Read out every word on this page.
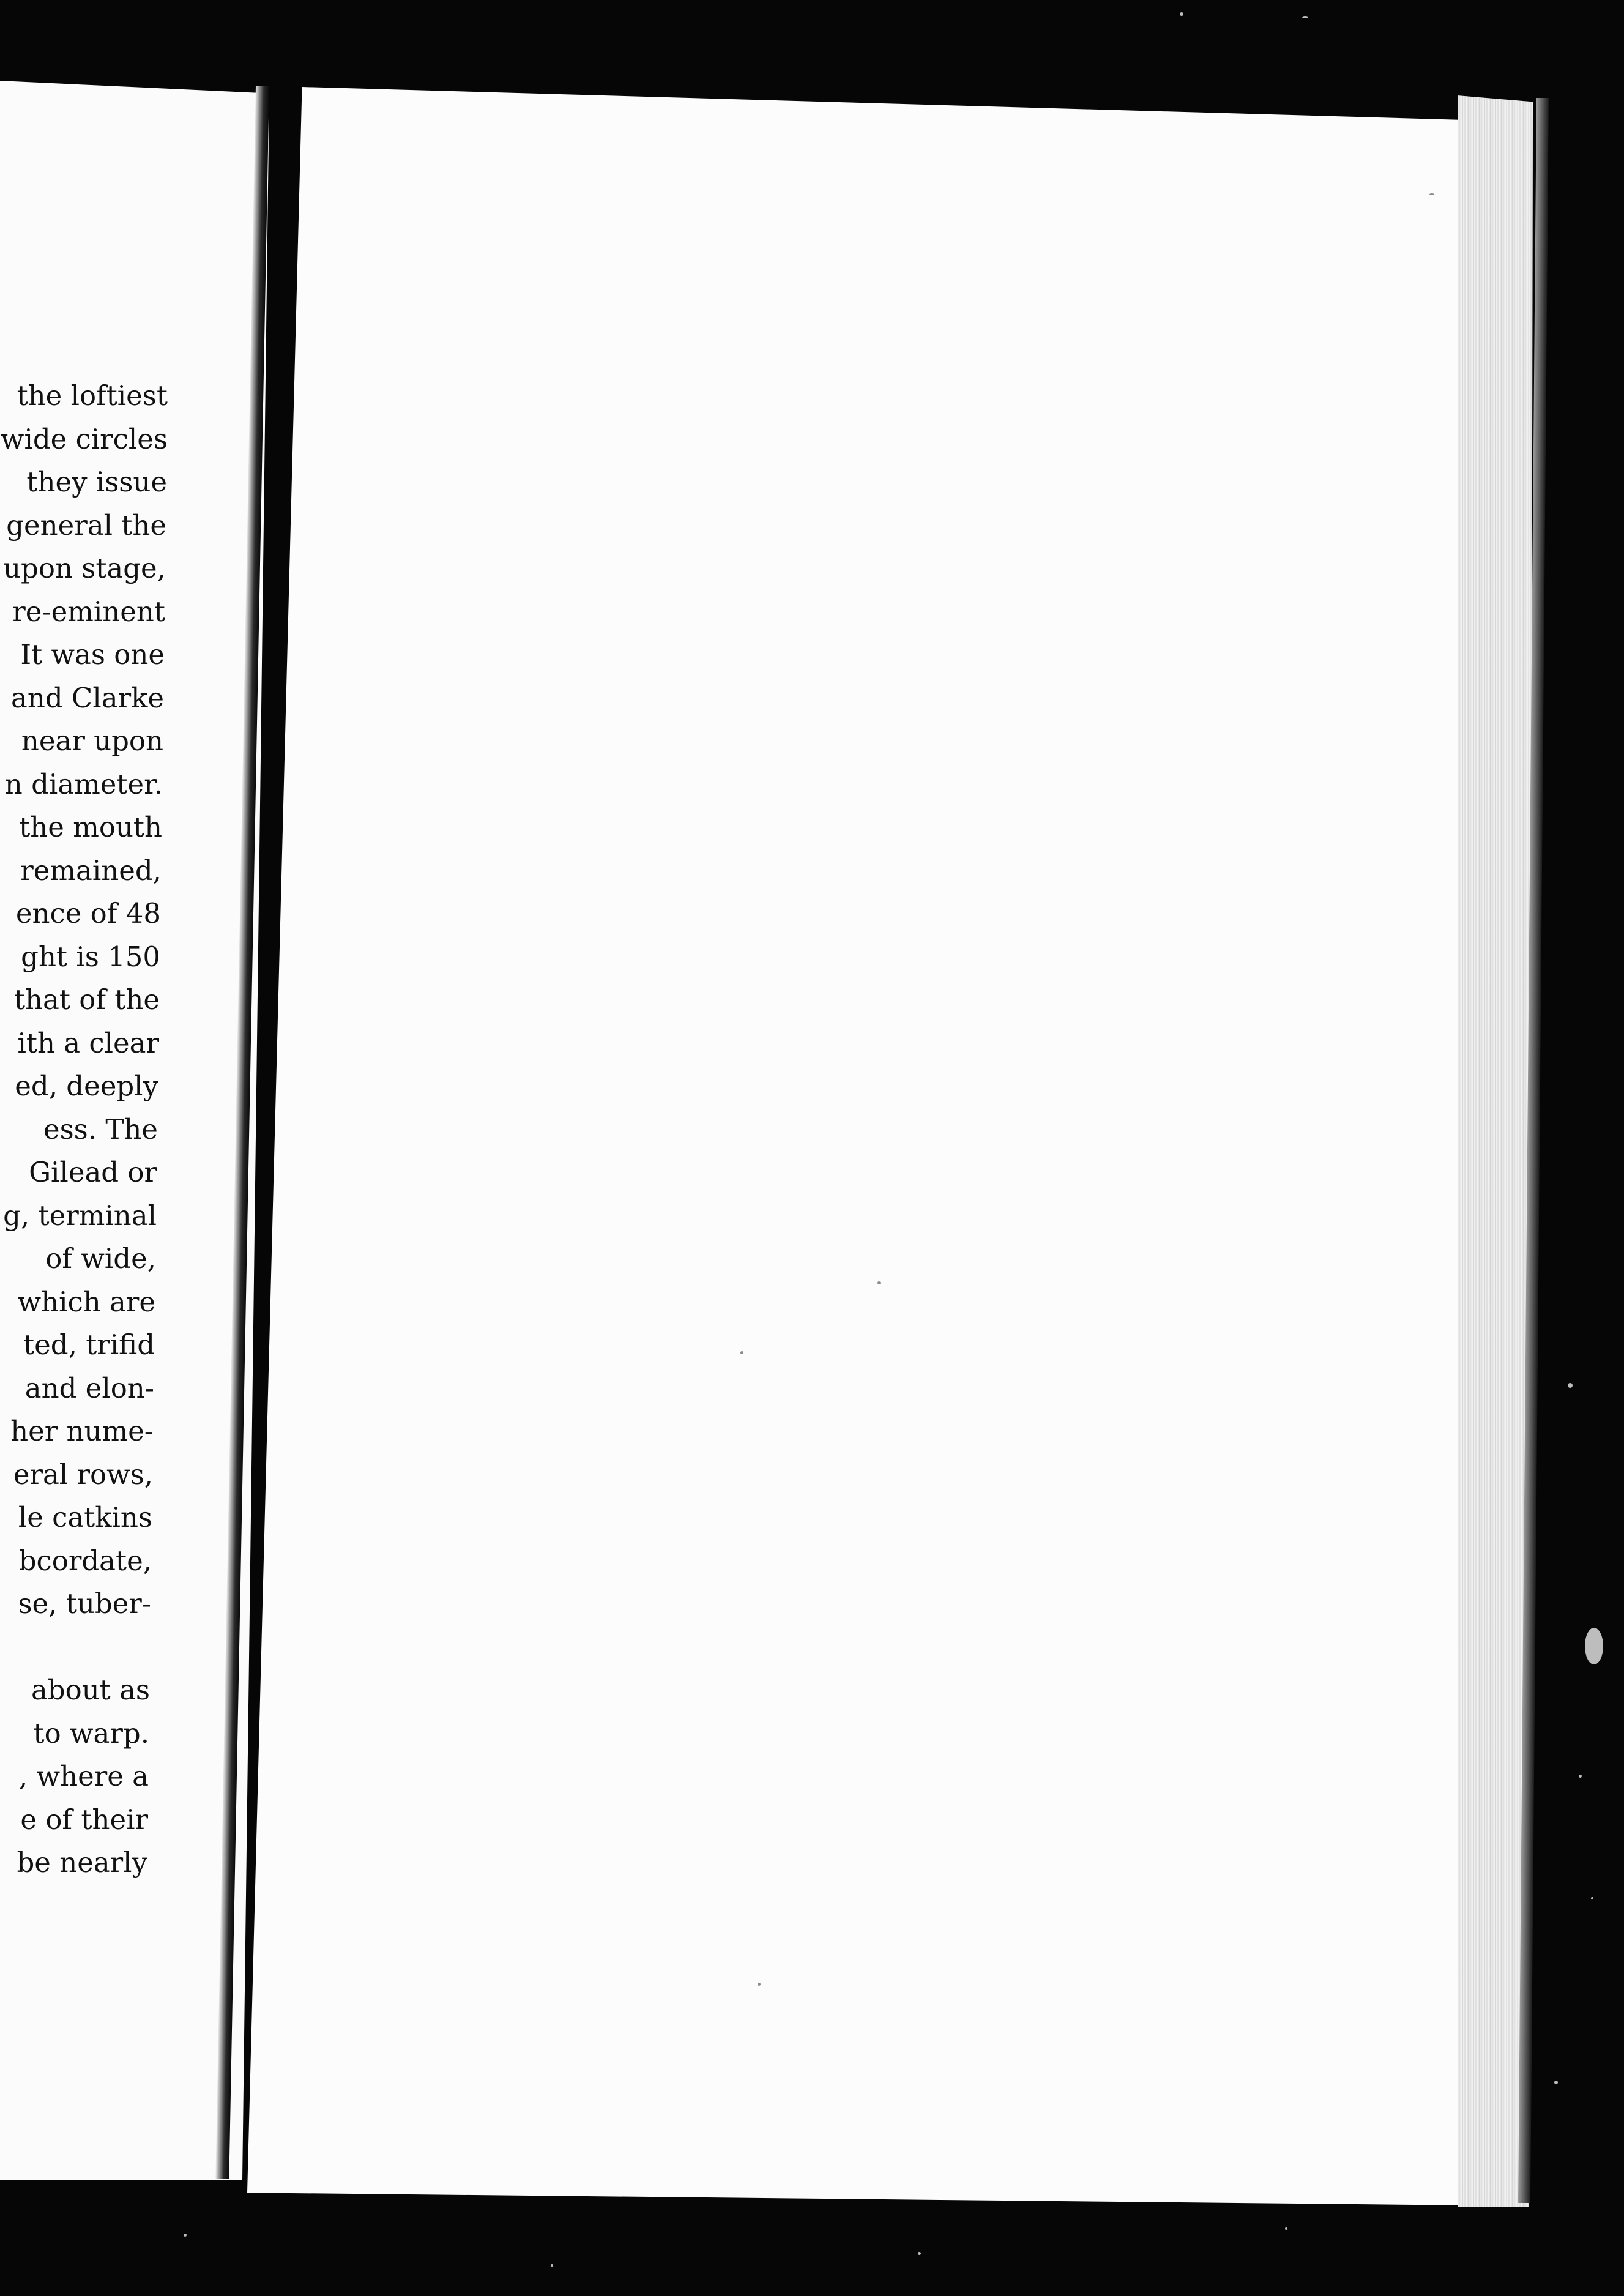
the loftiest
wide circles
they issue
general the
upon stage,
re-eminent
It was one
and Clarke
near upon
n diameter.
the mouth
remained,
ence of 48
ght is 150
that of the
ith a clear
ed, deeply
ess. The
Gilead or
g, terminal
of wide,
which are
ted, trifid
and elon-
her nume-
eral rows,
le catkins
bcordate,
se, tuber-

about as
to warp.
, where a
e of their
be nearly
